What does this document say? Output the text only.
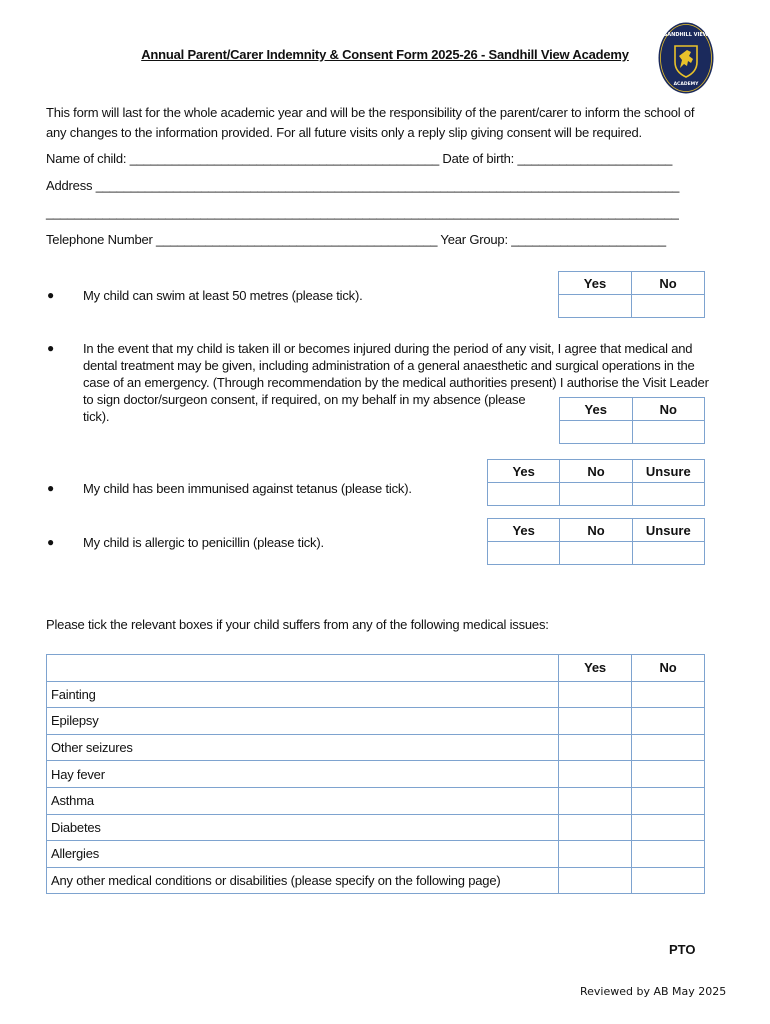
Annual Parent/Carer Indemnity & Consent Form 2025-26 - Sandhill View Academy
SANDHILL VIEW
ACADEMY
This form will last for the whole academic year and will be the responsibility of the parent/carer to inform the school of any changes to the information provided. For all future visits only a reply slip giving consent will be required.
Name of child: ____________________________________________ Date of birth: ______________________
Address ___________________________________________________________________________________
__________________________________________________________________________________________
Telephone Number ________________________________________ Year Group: ______________________
● My child can swim at least 50 metres (please tick).
Yes	No

● In the event that my child is taken ill or becomes injured during the period of any visit, I agree that medical and
dental treatment may be given, including administration of a general anaesthetic and surgical operations in the
case of an emergency. (Through recommendation by the medical authorities present) I authorise the Visit Leader
to sign doctor/surgeon consent, if required, on my behalf in my absence (please
tick).	Yes	No

● My child has been immunised against tetanus (please tick).
Yes	No	Unsure

● My child is allergic to penicillin (please tick).
Yes	No	Unsure

Please tick the relevant boxes if your child suffers from any of the following medical issues:
	Yes	No
Fainting		
Epilepsy		
Other seizures		
Hay fever		
Asthma		
Diabetes		
Allergies		
Any other medical conditions or disabilities (please specify on the following page)		
PTO
Reviewed by AB May 2025
